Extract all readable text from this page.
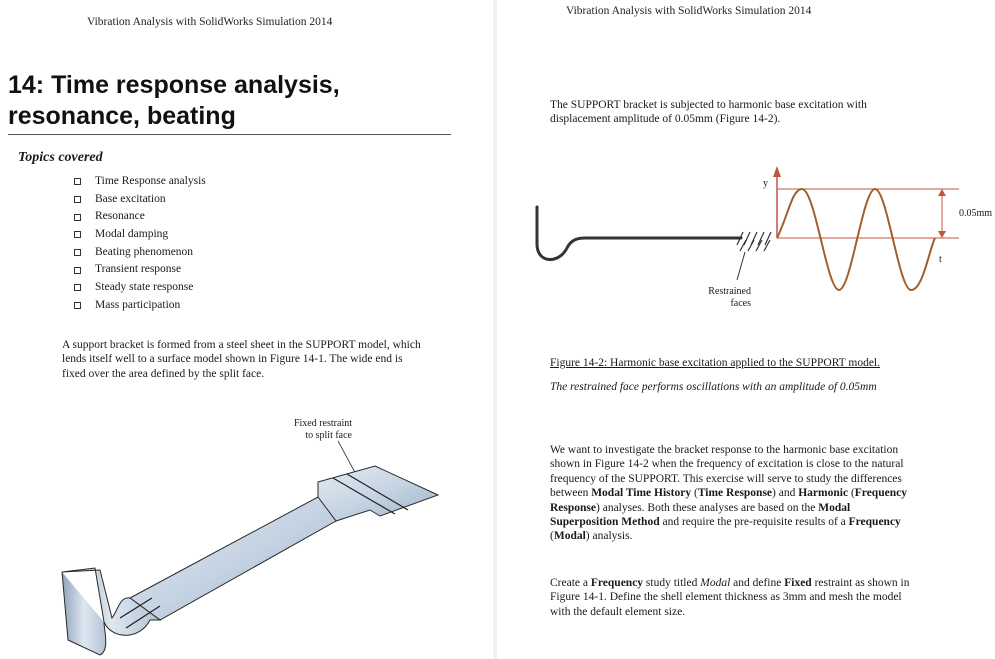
Vibration Analysis with SolidWorks Simulation 2014
14: Time response analysis,
resonance, beating
Topics covered
Time Response analysis
Base excitation
Resonance
Modal damping
Beating phenomenon
Transient response
Steady state response
Mass participation

A support bracket is formed from a steel sheet in the SUPPORT model, which
lends itself well to a surface model shown in Figure 14-1. The wide end is
fixed over the area defined by the split face.

Fixed restraint
to split face
Vibration Analysis with SolidWorks Simulation 2014

The SUPPORT bracket is subjected to harmonic base excitation with
displacement amplitude of 0.05mm (Figure 14-2).

0.05mm
y
t
Restrained
faces

Figure 14-2: Harmonic base excitation applied to the SUPPORT model.

The restrained face performs oscillations with an amplitude of 0.05mm

We want to investigate the bracket response to the harmonic base excitation
shown in Figure 14-2 when the frequency of excitation is close to the natural
frequency of the SUPPORT. This exercise will serve to study the differences
between Modal Time History (Time Response) and Harmonic (Frequency
Response) analyses. Both these analyses are based on the Modal
Superposition Method and require the pre-requisite results of a Frequency
(Modal) analysis.

Create a Frequency study titled Modal and define Fixed restraint as shown in
Figure 14-1. Define the shell element thickness as 3mm and mesh the model
with the default element size.
